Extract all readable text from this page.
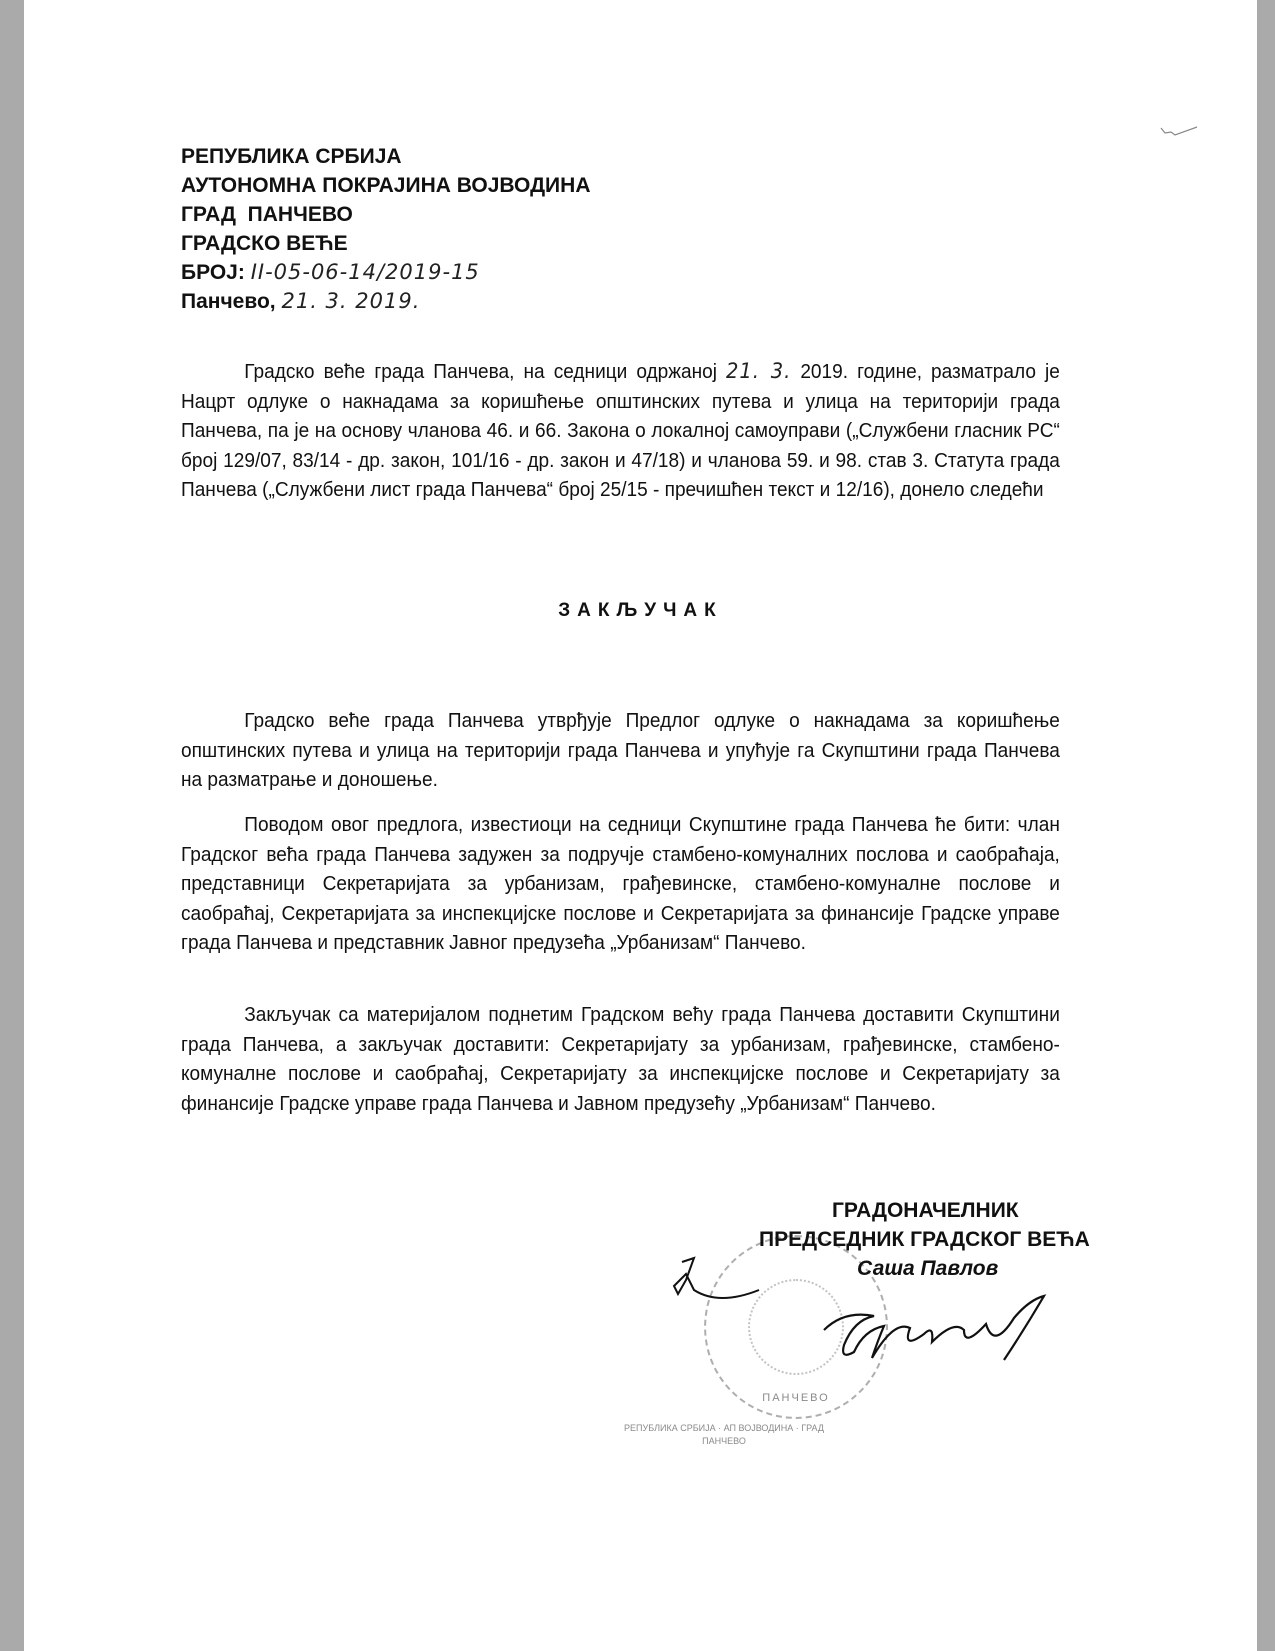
РЕПУБЛИКА СРБИЈА
АУТОНОМНА ПОКРАЈИНА ВОЈВОДИНА
ГРАД  ПАНЧЕВО
ГРАДСКО ВЕЋЕ
БРОЈ: II-05-06-14/2019-15
Панчево, 21. 3. 2019.
Градско веће града Панчева, на седници одржаној 21. 3. 2019. године, разматрало је Нацрт одлуке о накнадама за коришћење општинских путева и улица на територији града Панчева, па је на основу чланова 46. и 66. Закона о локалној самоуправи („Службени гласник РС“ број 129/07, 83/14 - др. закон, 101/16 - др. закон и 47/18) и чланова 59. и 98. став 3. Статута града Панчева („Службени лист града Панчева“ број 25/15 - пречишћен текст и 12/16), донело следећи
ЗАКЉУЧАК
Градско веће града Панчева утврђује Предлог одлуке о накнадама за коришћење општинских путева и улица на територији града Панчева и упућује га Скупштини града Панчева на разматрање и доношење.
Поводом овог предлога, известиоци на седници Скупштине града Панчева ће бити: члан Градског већа града Панчева задужен за подручје стамбено-комуналних послова и саобраћаја, представници Секретаријата за урбанизам, грађевинске, стамбено-комуналне послове и саобраћај, Секретаријата за инспекцијске послове и Секретаријата за финансије Градске управе града Панчева и представник Јавног предузећа „Урбанизам“ Панчево.
Закључак са материјалом поднетим Градском већу града Панчева доставити Скупштини града Панчева, а закључак доставити: Секретаријату за урбанизам, грађевинске, стамбено-комуналне послове и саобраћај, Секретаријату за инспекцијске послове и Секретаријату за финансије Градске управе града Панчева и Јавном предузећу „Урбанизам“ Панчево.
РЕПУБЛИКА СРБИЈА · АП ВОЈВОДИНА · ГРАД ПАНЧЕВО
ПАНЧЕВО
ГРАДОНАЧЕЛНИК
ПРЕДСЕДНИК ГРАДСКОГ ВЕЋА
Саша Павлов
